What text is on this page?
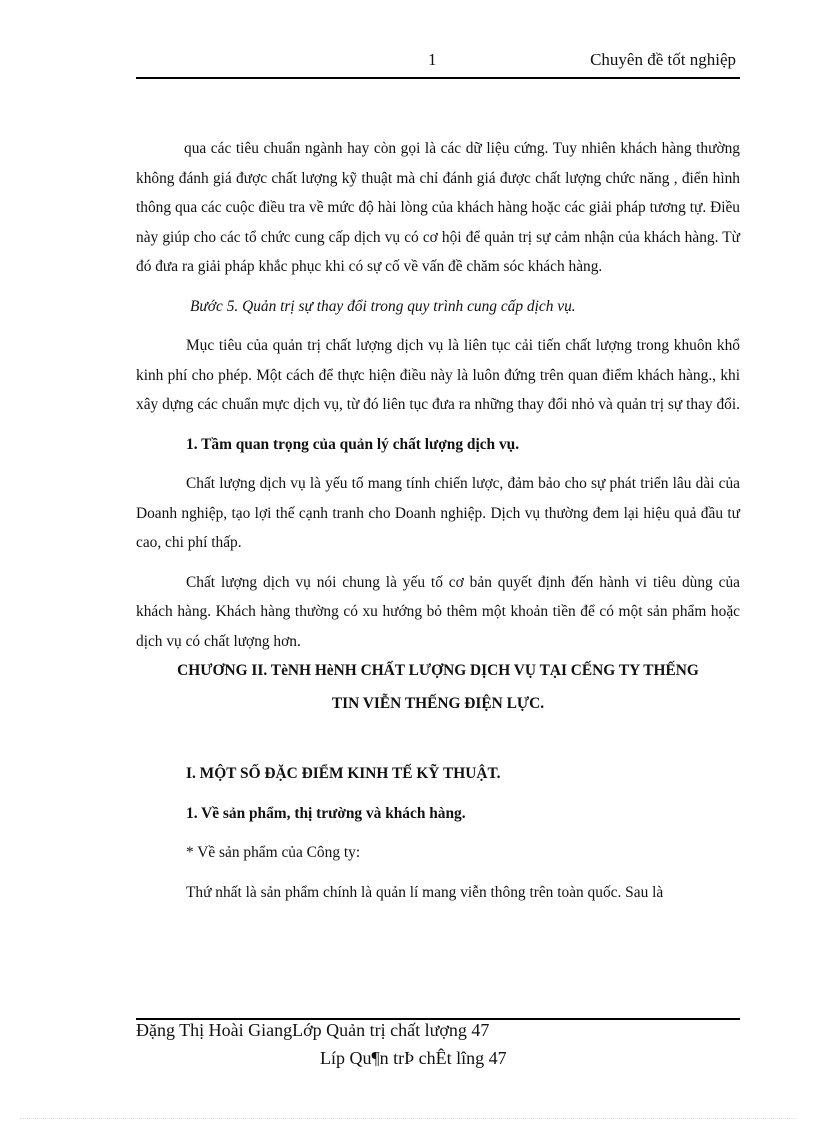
1	Chuyên đề tốt nghiệp

qua các tiêu chuẩn ngành hay còn gọi là các dữ liệu cứng. Tuy nhiên khách hàng thường không đánh giá được chất lượng kỹ thuật mà chỉ đánh giá được chất lượng chức năng , điển hình thông qua các cuộc điều tra về mức độ hài lòng của khách hàng hoặc các giải pháp tương tự. Điều này giúp cho các tổ chức cung cấp dịch vụ có cơ hội để quản trị sự cảm nhận của khách hàng. Từ đó đưa ra giải pháp khắc phục khi có sự cố về vấn đề chăm sóc khách hàng.

Bước 5. Quản trị sự thay đổi trong quy trình cung cấp dịch vụ.

Mục tiêu của quản trị chất lượng dịch vụ là liên tục cải tiến chất lượng trong khuôn khổ kinh phí cho phép. Một cách để thực hiện điều này là luôn đứng trên quan điểm khách hàng., khi xây dựng các chuẩn mực dịch vụ, từ đó liên tục đưa ra những thay đổi nhỏ và quản trị sự thay đổi.

1. Tầm quan trọng của quản lý chất lượng dịch vụ.

Chất lượng dịch vụ là yếu tố mang tính chiến lược, đảm bảo cho sự phát triển lâu dài của Doanh nghiệp, tạo lợi thế cạnh tranh cho Doanh nghiệp. Dịch vụ thường đem lại hiệu quả đầu tư cao, chi phí thấp.

Chất lượng dịch vụ nói chung là yếu tố cơ bản quyết định đến hành vi tiêu dùng của khách hàng. Khách hàng thường có xu hướng bỏ thêm một khoản tiền để có một sản phẩm hoặc dịch vụ có chất lượng hơn.

CHƯƠNG II. TèNH HèNH CHẤT LƯỢNG DỊCH VỤ TẠI CẾNG TY THẾNG

TIN VIỄN THẾNG ĐIỆN LỰC.

I. MỘT SỐ ĐẶC ĐIỂM KINH TẾ KỸ THUẬT.

1. Về sản phẩm, thị trường và khách hàng.

* Về sản phẩm của Công ty:

Thứ nhất là sản phẩm chính là quản lí mang viễn thông trên toàn quốc. Sau là

Đặng Thị Hoài GiangLớp Quản trị chất lượng 47
Líp Qu¶n trÞ chÊt lîng 47
